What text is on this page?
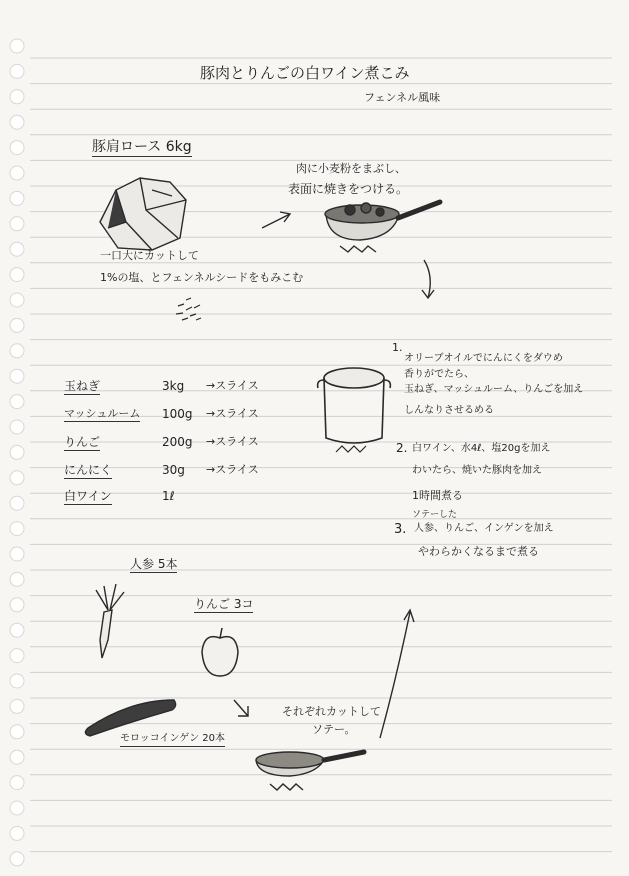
豚肉とりんごの白ワイン煮こみ
フェンネル風味
豚肩ロース 6kg
一口大にカットして
1%の塩、とフェンネルシードをもみこむ
肉に小麦粉をまぶし、
表面に焼きをつける。
玉ねぎ	3kg →スライス
マッシュルーム 100g →スライス
りんご	200g →スライス
にんにく	30g →スライス
白ワイン	1ℓ
1.
オリーブオイルでにんにくをダウめ
香りがでたら、
玉ねぎ、マッシュルーム、りんごを加え
しんなりさせるめる
2. 白ワイン、水4ℓ、塩20gを加え
わいたら、焼いた豚肉を加え
1時間煮る
ソテーした
3. 人参、りんご、インゲンを加え
やわらかくなるまで煮る
人参 5本
りんご 3コ
モロッコインゲン 20本
それぞれカットして
ソテー。
